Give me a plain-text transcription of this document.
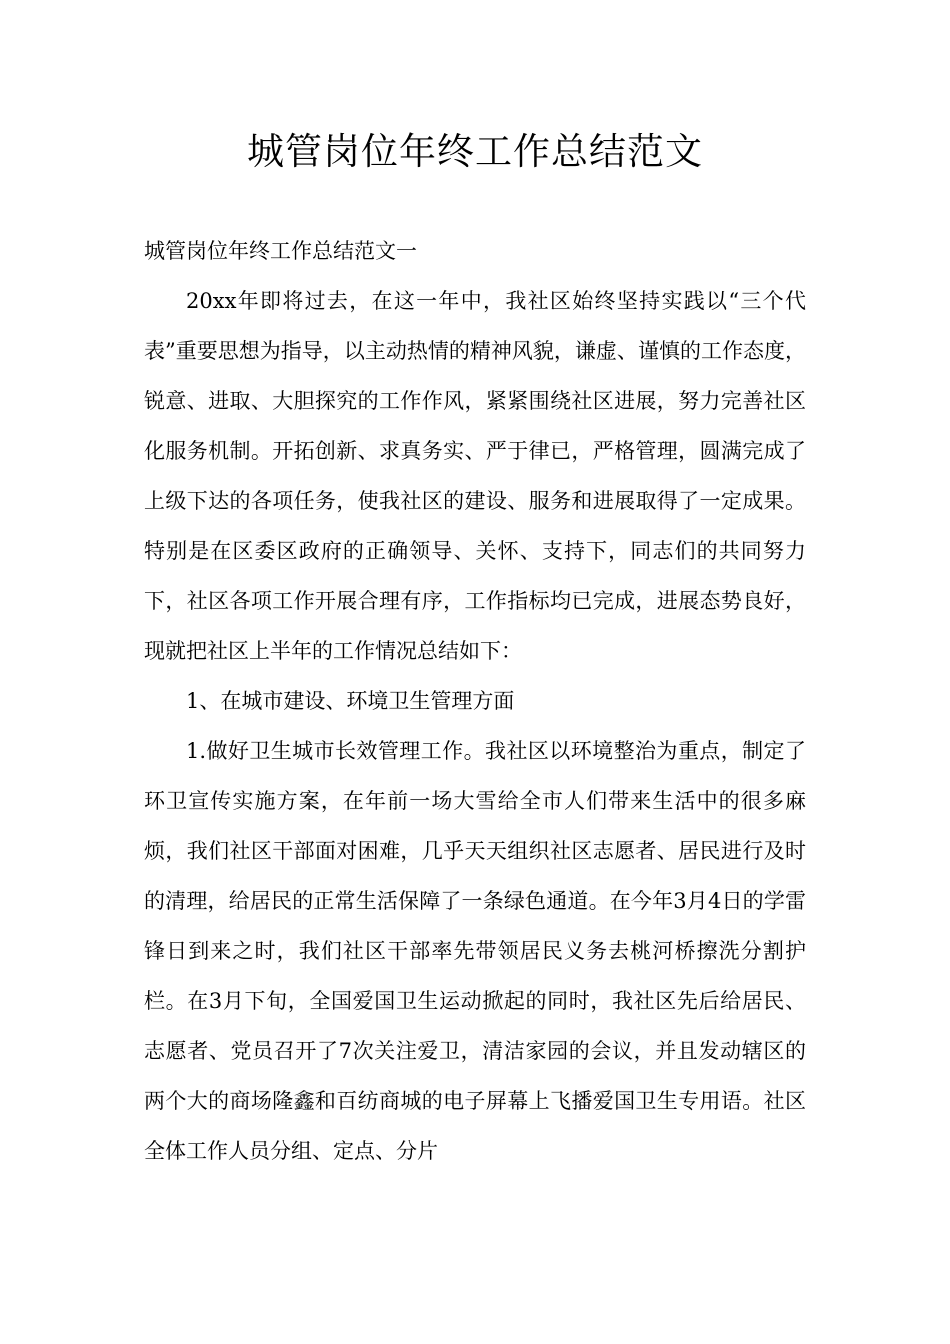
城管岗位年终工作总结范文

城管岗位年终工作总结范文一

20xx年即将过去，在这一年中，我社区始终坚持实践以“三个代表”重要思想为指导，以主动热情的精神风貌，谦虚、谨慎的工作态度，锐意、进取、大胆探究的工作作风，紧紧围绕社区进展，努力完善社区化服务机制。开拓创新、求真务实、严于律已，严格管理，圆满完成了上级下达的各项任务，使我社区的建设、服务和进展取得了一定成果。特别是在区委区政府的正确领导、关怀、支持下，同志们的共同努力下，社区各项工作开展合理有序，工作指标均已完成，进展态势良好，现就把社区上半年的工作情况总结如下：

1、在城市建设、环境卫生管理方面

1.做好卫生城市长效管理工作。我社区以环境整治为重点，制定了环卫宣传实施方案，在年前一场大雪给全市人们带来生活中的很多麻烦，我们社区干部面对困难，几乎天天组织社区志愿者、居民进行及时的清理，给居民的正常生活保障了一条绿色通道。在今年3月4日的学雷锋日到来之时，我们社区干部率先带领居民义务去桃河桥擦洗分割护栏。在3月下旬，全国爱国卫生运动掀起的同时，我社区先后给居民、志愿者、党员召开了7次关注爱卫，清洁家园的会议，并且发动辖区的两个大的商场隆鑫和百纺商城的电子屏幕上飞播爱国卫生专用语。社区全体工作人员分组、定点、分片
